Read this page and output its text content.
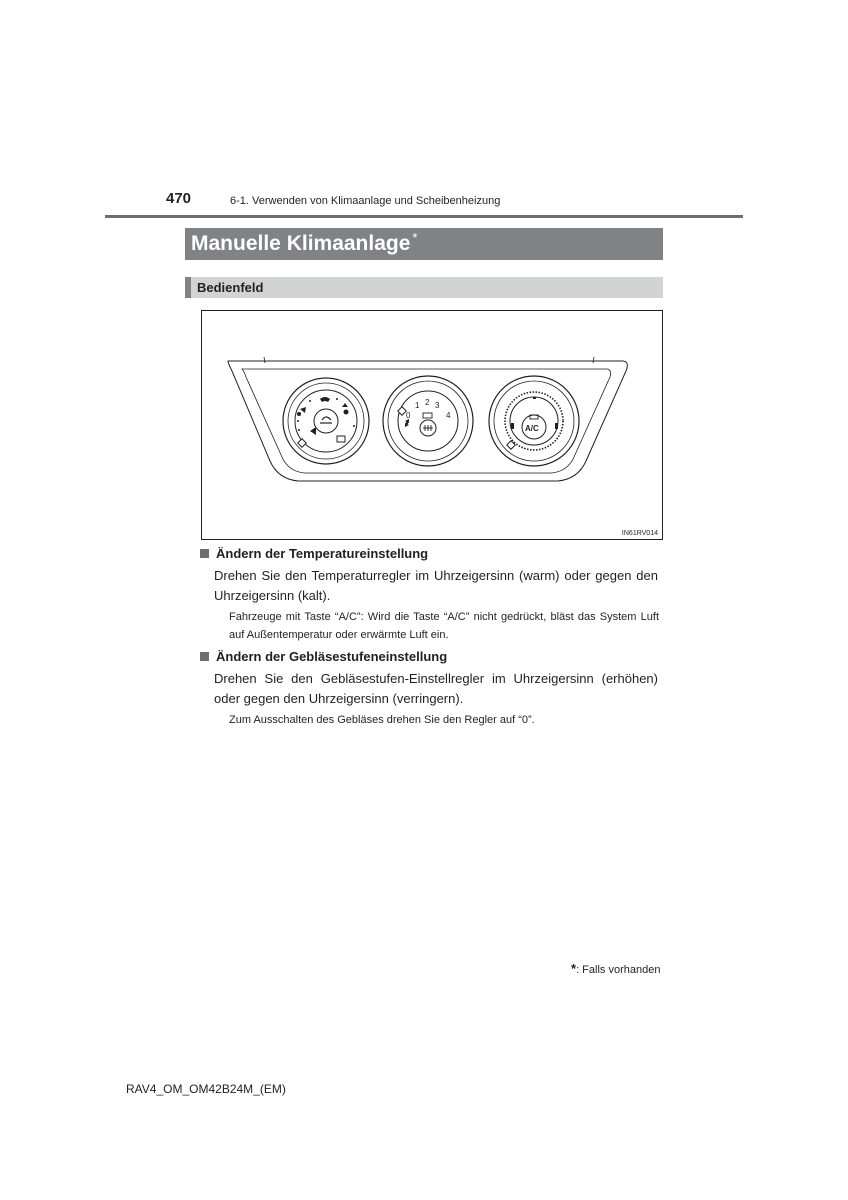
470	6-1. Verwenden von Klimaanlage und Scheibenheizung
Manuelle Klimaanlage *
Bedienfeld
0
1 2 3
4
A/C
IN61RV014
Ändern der Temperatureinstellung
Drehen Sie den Temperaturregler im Uhrzeigersinn (warm) oder gegen den Uhrzeigersinn (kalt).
Fahrzeuge mit Taste “A/C”: Wird die Taste “A/C” nicht gedrückt, bläst das System Luft auf Außentemperatur oder erwärmte Luft ein.
Ändern der Gebläsestufeneinstellung
Drehen Sie den Gebläsestufen-Einstellregler im Uhrzeigersinn (erhöhen) oder gegen den Uhrzeigersinn (verringern).
Zum Ausschalten des Gebläses drehen Sie den Regler auf “0”.
*: Falls vorhanden
RAV4_OM_OM42B24M_(EM)
